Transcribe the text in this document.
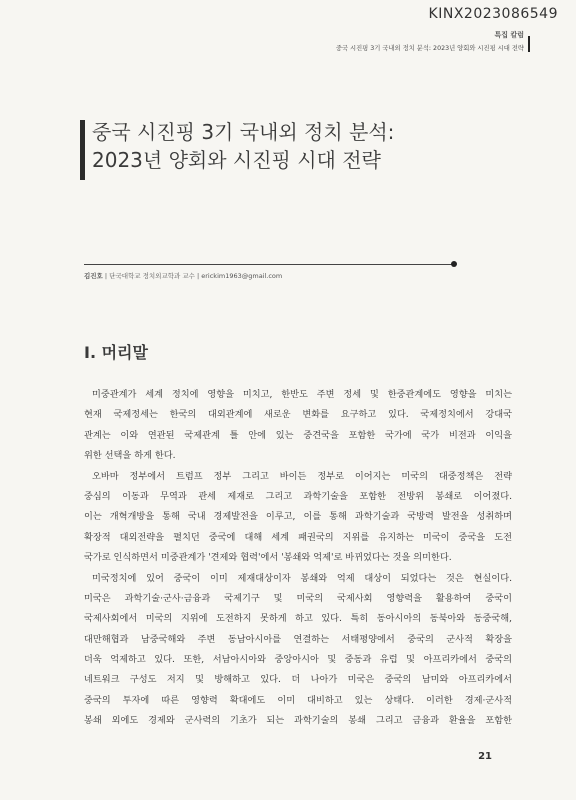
KINX2023086549
특집 칼럼
중국 시진핑 3기 국내외 정치 분석: 2023년 양회와 시진핑 시대 전략
중국 시진핑 3기 국내외 정치 분석:
2023년 양회와 시진핑 시대 전략
김진호 | 단국대학교 정치외교학과 교수 | erickim1963@gmail.com
Ⅰ. 머리말
미중관계가 세계 정치에 영향을 미치고, 한반도 주변 정세 및 한중관계에도 영향을 미치는
현재 국제정세는 한국의 대외관계에 새로운 변화를 요구하고 있다. 국제정치에서 강대국
관계는 이와 연관된 국제관계 틀 안에 있는 중견국을 포함한 국가에 국가 비전과 이익을
위한 선택을 하게 한다.
오바마 정부에서 트럼프 정부 그리고 바이든 정부로 이어지는 미국의 대중정책은 전략
중심의 이동과 무역과 관세 제재로 그리고 과학기술을 포함한 전방위 봉쇄로 이어졌다.
이는 개혁개방을 통해 국내 경제발전을 이루고, 이를 통해 과학기술과 국방력 발전을 성취하며
확장적 대외전략을 펼치던 중국에 대해 세계 패권국의 지위를 유지하는 미국이 중국을 도전
국가로 인식하면서 미중관계가 '견제와 협력'에서 '봉쇄와 억제'로 바뀌었다는 것을 의미한다.
미국정치에 있어 중국이 이미 제재대상이자 봉쇄와 억제 대상이 되었다는 것은 현실이다.
미국은 과학기술·군사·금융과 국제기구 및 미국의 국제사회 영향력을 활용하여 중국이
국제사회에서 미국의 지위에 도전하지 못하게 하고 있다. 특히 동아시아의 동북아와 동중국해,
대만해협과 남중국해와 주변 동남아시아를 연결하는 서태평양에서 중국의 군사적 확장을
더욱 억제하고 있다. 또한, 서남아시아와 중앙아시아 및 중동과 유럽 및 아프리카에서 중국의
네트워크 구성도 저지 및 방해하고 있다. 더 나아가 미국은 중국의 남미와 아프리카에서
중국의 투자에 따른 영향력 확대에도 이미 대비하고 있는 상태다. 이러한 경제·군사적
봉쇄 외에도 경제와 군사력의 기초가 되는 과학기술의 봉쇄 그리고 금융과 환율을 포함한
21
